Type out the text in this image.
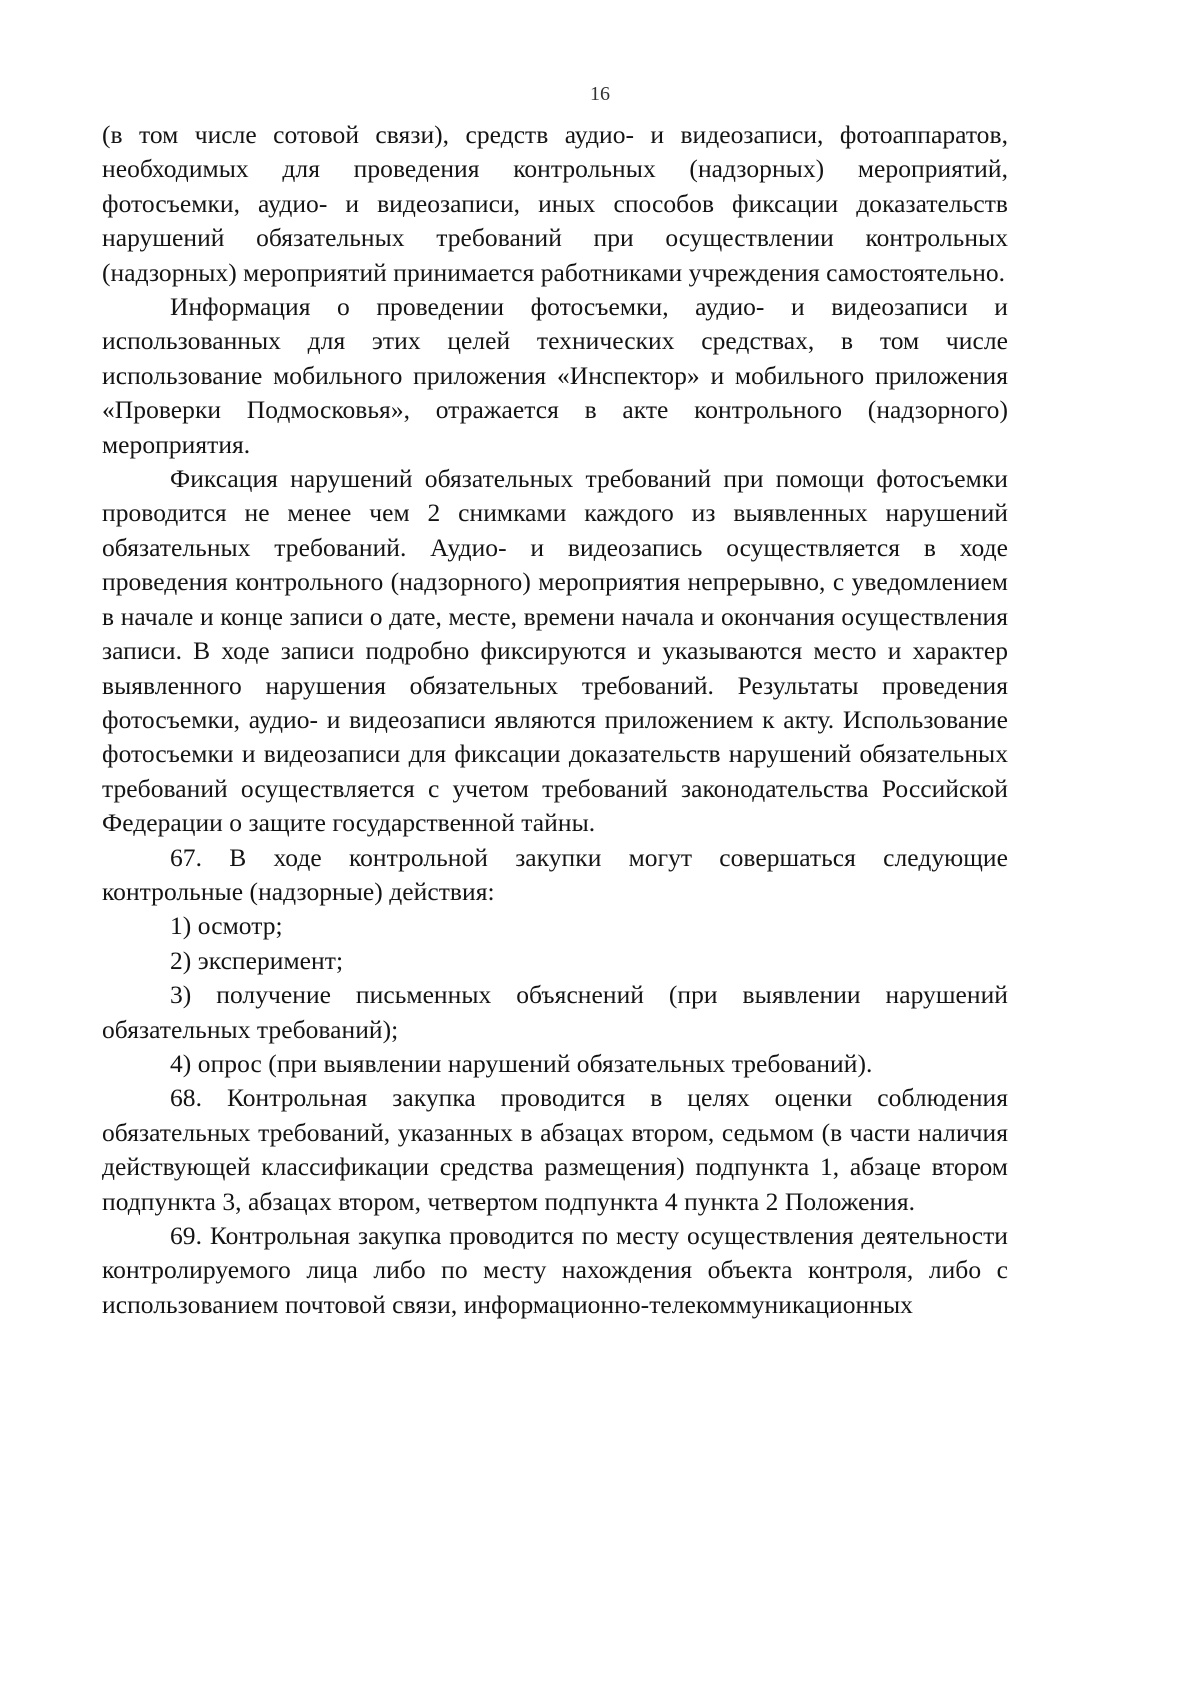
16

(в том числе сотовой связи), средств аудио- и видеозаписи, фотоаппаратов, необходимых для проведения контрольных (надзорных) мероприятий, фотосъемки, аудио- и видеозаписи, иных способов фиксации доказательств нарушений обязательных требований при осуществлении контрольных (надзорных) мероприятий принимается работниками учреждения самостоятельно.

Информация о проведении фотосъемки, аудио- и видеозаписи и использованных для этих целей технических средствах, в том числе использование мобильного приложения «Инспектор» и мобильного приложения «Проверки Подмосковья», отражается в акте контрольного (надзорного) мероприятия.

Фиксация нарушений обязательных требований при помощи фотосъемки проводится не менее чем 2 снимками каждого из выявленных нарушений обязательных требований. Аудио- и видеозапись осуществляется в ходе проведения контрольного (надзорного) мероприятия непрерывно, с уведомлением в начале и конце записи о дате, месте, времени начала и окончания осуществления записи. В ходе записи подробно фиксируются и указываются место и характер выявленного нарушения обязательных требований. Результаты проведения фотосъемки, аудио- и видеозаписи являются приложением к акту. Использование фотосъемки и видеозаписи для фиксации доказательств нарушений обязательных требований осуществляется с учетом требований законодательства Российской Федерации о защите государственной тайны.

67. В ходе контрольной закупки могут совершаться следующие контрольные (надзорные) действия:

1) осмотр;

2) эксперимент;

3) получение письменных объяснений (при выявлении нарушений обязательных требований);

4) опрос (при выявлении нарушений обязательных требований).

68. Контрольная закупка проводится в целях оценки соблюдения обязательных требований, указанных в абзацах втором, седьмом (в части наличия действующей классификации средства размещения) подпункта 1, абзаце втором подпункта 3, абзацах втором, четвертом подпункта 4 пункта 2 Положения.

69. Контрольная закупка проводится по месту осуществления деятельности контролируемого лица либо по месту нахождения объекта контроля, либо с использованием почтовой связи, информационно-телекоммуникационных
